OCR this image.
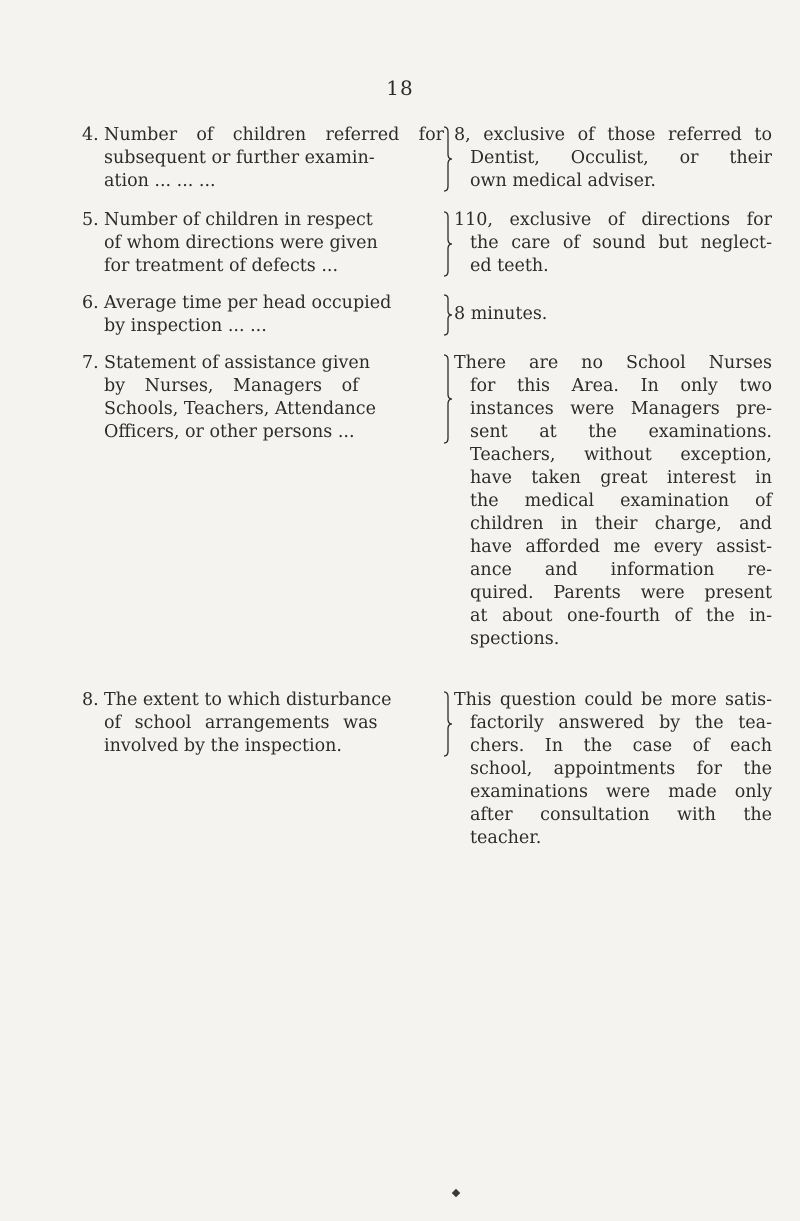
18
4. Number of children referred for
subsequent or further examin-
ation ... ... ...
8, exclusive of those referred to
Dentist, Occulist, or their
own medical adviser.
5. Number of children in respect
of whom directions were given
for treatment of defects ...
110, exclusive of directions for
the care of sound but neglect-
ed teeth.
6. Average time per head occupied
by inspection ... ...
8 minutes.
7. Statement of assistance given
by Nurses, Managers of
Schools, Teachers, Attendance
Officers, or other persons ...
There are no School Nurses
for this Area. In only two
instances were Managers pre-
sent at the examinations.
Teachers, without exception,
have taken great interest in
the medical examination of
children in their charge, and
have afforded me every assist-
ance and information re-
quired. Parents were present
at about one-fourth of the in-
spections.
8. The extent to which disturbance
of school arrangements was
involved by the inspection.
This question could be more satis-
factorily answered by the tea-
chers. In the case of each
school, appointments for the
examinations were made only
after consultation with the
teacher.
